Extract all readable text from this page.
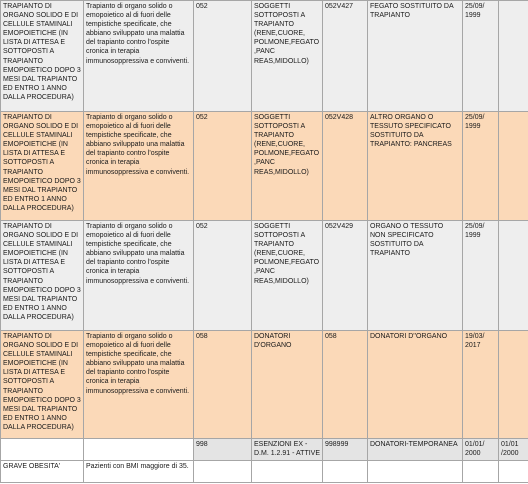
TRAPIANTO DI ORGANO SOLIDO E DI CELLULE STAMINALI EMOPOIETICHE (IN LISTA DI ATTESA E SOTTOPOSTI A TRAPIANTO EMOPOIETICO DOPO 3 MESI DAL TRAPIANTO ED ENTRO 1 ANNO DALLA PROCEDURA)	Trapianto di organo solido o emopoietico al di fuori delle tempistiche specificate, che abbiano sviluppato una malattia del trapianto contro l'ospite cronica in terapia immunosoppressiva e conviventi.	052	SOGGETTI SOTTOPOSTI A TRAPIANTO (RENE,CUORE, POLMONE,FEGATO,PANC REAS,MIDOLLO)	052V427	FEGATO SOSTITUITO DA TRAPIANTO	25/09/ 1999	

TRAPIANTO DI ORGANO SOLIDO E DI CELLULE STAMINALI EMOPOIETICHE (IN LISTA DI ATTESA E SOTTOPOSTI A TRAPIANTO EMOPOIETICO DOPO 3 MESI DAL TRAPIANTO ED ENTRO 1 ANNO DALLA PROCEDURA)	Trapianto di organo solido o emopoietico al di fuori delle tempistiche specificate, che abbiano sviluppato una malattia del trapianto contro l'ospite cronica in terapia immunosoppressiva e conviventi.	052	SOGGETTI SOTTOPOSTI A TRAPIANTO (RENE,CUORE, POLMONE,FEGATO,PANC REAS,MIDOLLO)	052V428	ALTRO ORGANO O TESSUTO SPECIFICATO SOSTITUITO DA TRAPIANTO: PANCREAS	25/09/ 1999	

TRAPIANTO DI ORGANO SOLIDO E DI CELLULE STAMINALI EMOPOIETICHE (IN LISTA DI ATTESA E SOTTOPOSTI A TRAPIANTO EMOPOIETICO DOPO 3 MESI DAL TRAPIANTO ED ENTRO 1 ANNO DALLA PROCEDURA)	Trapianto di organo solido o emopoietico al di fuori delle tempistiche specificate, che abbiano sviluppato una malattia del trapianto contro l'ospite cronica in terapia immunosoppressiva e conviventi.	052	SOGGETTI SOTTOPOSTI A TRAPIANTO (RENE,CUORE, POLMONE,FEGATO,PANC REAS,MIDOLLO)	052V429	ORGANO O TESSUTO NON SPECIFICATO SOSTITUITO DA TRAPIANTO	25/09/ 1999	

TRAPIANTO DI ORGANO SOLIDO E DI CELLULE STAMINALI EMOPOIETICHE (IN LISTA DI ATTESA E SOTTOPOSTI A TRAPIANTO EMOPOIETICO DOPO 3 MESI DAL TRAPIANTO ED ENTRO 1 ANNO DALLA PROCEDURA)	Trapianto di organo solido o emopoietico al di fuori delle tempistiche specificate, che abbiano sviluppato una malattia del trapianto contro l'ospite cronica in terapia immunosoppressiva e conviventi.	058	DONATORI D'ORGANO	058	DONATORI D''ORGANO	19/03/ 2017	

		998	ESENZIONI EX - D.M. 1.2.91 - ATTIVE	998999	DONATORI-TEMPORANEA	01/01/ 2000	01/01 /2000

GRAVE OBESITA'	Pazienti con BMI maggiore di 35.						
